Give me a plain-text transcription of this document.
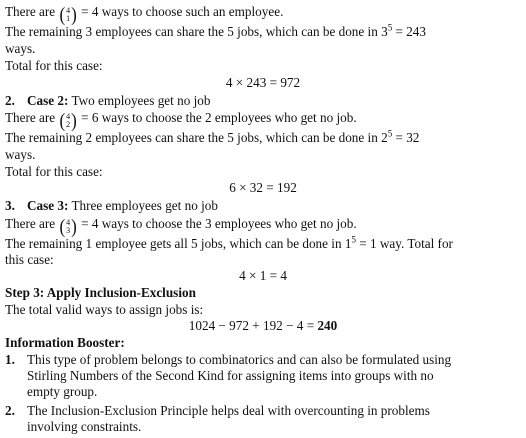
There are ( 4
1 ) = 4 ways to choose such an employee.
The remaining 3 employees can share the 5 jobs, which can be done in $3^5 = 243$
ways.
Total for this case:
4 × 243 = 972
2. Case 2: Two employees get no job
There are ( 4
2 ) = 6 ways to choose the 2 employees who get no job.
The remaining 2 employees can share the 5 jobs, which can be done in $2^5 = 32$
ways.
Total for this case:
6 × 32 = 192
3. Case 3: Three employees get no job
There are ( 4
3 ) = 4 ways to choose the 3 employees who get no job.
The remaining 1 employee gets all 5 jobs, which can be done in $1^5 = 1$ way. Total for
this case:
4 × 1 = 4
Step 3: Apply Inclusion-Exclusion
The total valid ways to assign jobs is:
1024 − 972 + 192 − 4 = 240
Information Booster:
1. This type of problem belongs to combinatorics and can also be formulated using
Stirling Numbers of the Second Kind for assigning items into groups with no
empty group.
2. The Inclusion-Exclusion Principle helps deal with overcounting in problems
involving constraints.
